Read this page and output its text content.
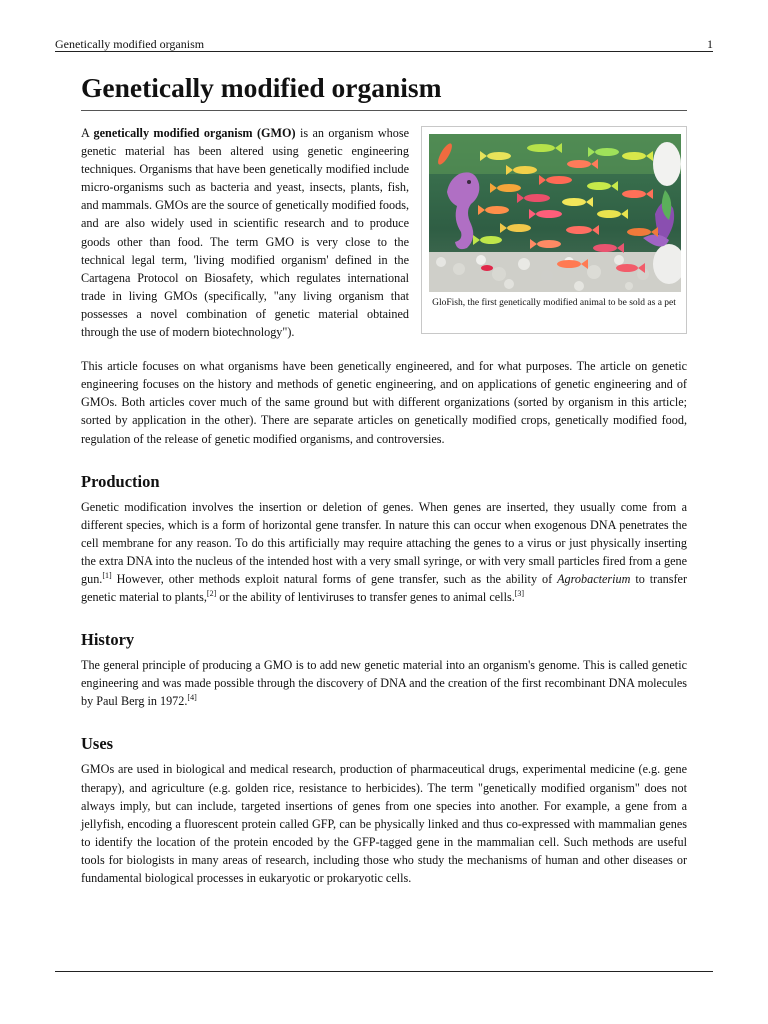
Genetically modified organism	1
Genetically modified organism
GloFish, the first genetically modified animal to be sold as a pet

A genetically modified organism (GMO) is an organism whose genetic material has been altered using genetic engineering techniques. Organisms that have been genetically modified include micro-organisms such as bacteria and yeast, insects, plants, fish, and mammals. GMOs are the source of genetically modified foods, and are also widely used in scientific research and to produce goods other than food. The term GMO is very close to the technical legal term, 'living modified organism' defined in the Cartagena Protocol on Biosafety, which regulates international trade in living GMOs (specifically, "any living organism that possesses a novel combination of genetic material obtained through the use of modern biotechnology").

This article focuses on what organisms have been genetically engineered, and for what purposes. The article on genetic engineering focuses on the history and methods of genetic engineering, and on applications of genetic engineering and of GMOs. Both articles cover much of the same ground but with different organizations (sorted by organism in this article; sorted by application in the other). There are separate articles on genetically modified crops, genetically modified food, regulation of the release of genetic modified organisms, and controversies.

Production

Genetic modification involves the insertion or deletion of genes. When genes are inserted, they usually come from a different species, which is a form of horizontal gene transfer. In nature this can occur when exogenous DNA penetrates the cell membrane for any reason. To do this artificially may require attaching the genes to a virus or just physically inserting the extra DNA into the nucleus of the intended host with a very small syringe, or with very small particles fired from a gene gun.[1] However, other methods exploit natural forms of gene transfer, such as the ability of Agrobacterium to transfer genetic material to plants,[2] or the ability of lentiviruses to transfer genes to animal cells.[3]

History

The general principle of producing a GMO is to add new genetic material into an organism's genome. This is called genetic engineering and was made possible through the discovery of DNA and the creation of the first recombinant DNA molecules by Paul Berg in 1972.[4]

Uses

GMOs are used in biological and medical research, production of pharmaceutical drugs, experimental medicine (e.g. gene therapy), and agriculture (e.g. golden rice, resistance to herbicides). The term "genetically modified organism" does not always imply, but can include, targeted insertions of genes from one species into another. For example, a gene from a jellyfish, encoding a fluorescent protein called GFP, can be physically linked and thus co-expressed with mammalian genes to identify the location of the protein encoded by the GFP-tagged gene in the mammalian cell. Such methods are useful tools for biologists in many areas of research, including those who study the mechanisms of human and other diseases or fundamental biological processes in eukaryotic or prokaryotic cells.
